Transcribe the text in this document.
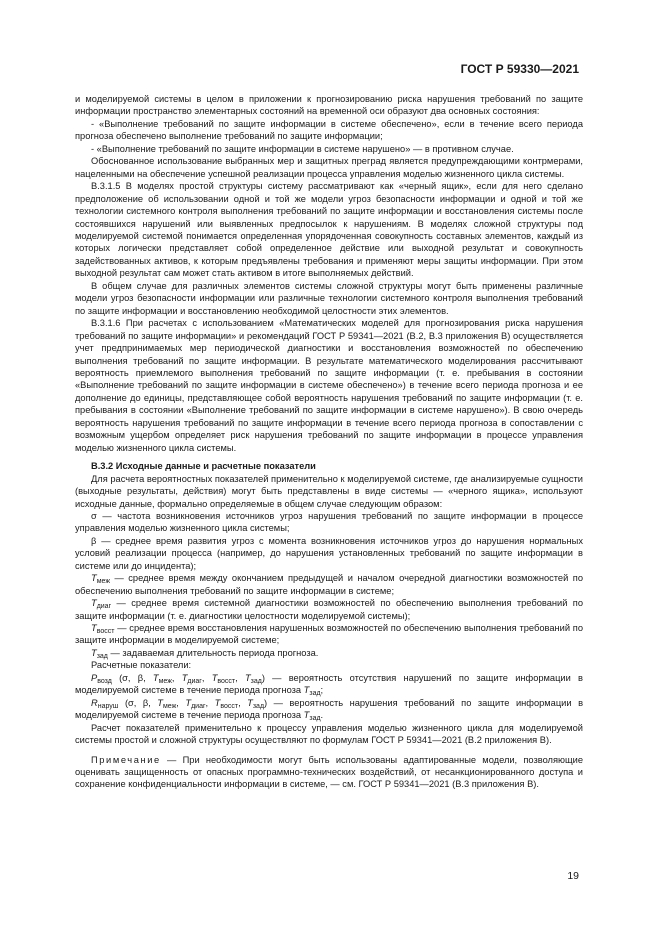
ГОСТ Р 59330—2021

и моделируемой системы в целом в приложении к прогнозированию риска нарушения требований по защите информации пространство элементарных состояний на временной оси образуют два основных состояния:

- «Выполнение требований по защите информации в системе обеспечено», если в течение всего периода прогноза обеспечено выполнение требований по защите информации;

- «Выполнение требований по защите информации в системе нарушено» — в противном случае.

Обоснованное использование выбранных мер и защитных преград является предупреждающими контрмерами, нацеленными на обеспечение успешной реализации процесса управления моделью жизненного цикла системы.

В.3.1.5 В моделях простой структуры систему рассматривают как «черный ящик», если для него сделано предположение об использовании одной и той же модели угроз безопасности информации и одной и той же технологии системного контроля выполнения требований по защите информации и восстановления системы после состоявшихся нарушений или выявленных предпосылок к нарушениям. В моделях сложной структуры под моделируемой системой понимается определенная упорядоченная совокупность составных элементов, каждый из которых логически представляет собой определенное действие или выходной результат и совокупность задействованных активов, к которым предъявлены требования и применяют меры защиты информации. При этом выходной результат сам может стать активом в итоге выполняемых действий.

В общем случае для различных элементов системы сложной структуры могут быть применены различные модели угроз безопасности информации или различные технологии системного контроля выполнения требований по защите информации и восстановлению необходимой целостности этих элементов.

В.3.1.6 При расчетах с использованием «Математических моделей для прогнозирования риска нарушения требований по защите информации» и рекомендаций ГОСТ Р 59341—2021 (В.2, В.3 приложения В) осуществляется учет предпринимаемых мер периодической диагностики и восстановления возможностей по обеспечению выполнения требований по защите информации. В результате математического моделирования рассчитывают вероятность приемлемого выполнения требований по защите информации (т. е. пребывания в состоянии «Выполнение требований по защите информации в системе обеспечено») в течение всего периода прогноза и ее дополнение до единицы, представляющее собой вероятность нарушения требований по защите информации (т. е. пребывания в состоянии «Выполнение требований по защите информации в системе нарушено»). В свою очередь вероятность нарушения требований по защите информации в течение всего периода прогноза в сопоставлении с возможным ущербом определяет риск нарушения требований по защите информации в процессе управления моделью жизненного цикла системы.

В.3.2 Исходные данные и расчетные показатели

Для расчета вероятностных показателей применительно к моделируемой системе, где анализируемые сущности (выходные результаты, действия) могут быть представлены в виде системы — «черного ящика», используют исходные данные, формально определяемые в общем случае следующим образом:

σ — частота возникновения источников угроз нарушения требований по защите информации в процессе управления моделью жизненного цикла системы;

β — среднее время развития угроз с момента возникновения источников угроз до нарушения нормальных условий реализации процесса (например, до нарушения установленных требований по защите информации в системе или до инцидента);

$T_{меж}$ — среднее время между окончанием предыдущей и началом очередной диагностики возможностей по обеспечению выполнения требований по защите информации в системе;

$T_{диаг}$ — среднее время системной диагностики возможностей по обеспечению выполнения требований по защите информации (т. е. диагностики целостности моделируемой системы);

$T_{восст}$ — среднее время восстановления нарушенных возможностей по обеспечению выполнения требований по защите информации в моделируемой системе;

$T_{зад}$ — задаваемая длительность периода прогноза.

Расчетные показатели:

$P_{возд}$ (σ, β, $T_{меж}$, $T_{диаг}$, $T_{восст}$, $T_{зад}$) — вероятность отсутствия нарушений по защите информации в моделируемой системе в течение периода прогноза $T_{зад}$;

$R_{наруш}$ (σ, β, $T_{меж}$, $T_{диаг}$, $T_{восст}$, $T_{зад}$) — вероятность нарушения требований по защите информации в моделируемой системе в течение периода прогноза $T_{зад}$.

Расчет показателей применительно к процессу управления моделью жизненного цикла для моделируемой системы простой и сложной структуры осуществляют по формулам ГОСТ Р 59341—2021 (В.2 приложения В).

Примечание — При необходимости могут быть использованы адаптированные модели, позволяющие оценивать защищенность от опасных программно-технических воздействий, от несанкционированного доступа и сохранение конфиденциальности информации в системе, — см. ГОСТ Р 59341—2021 (В.3 приложения В).

19
